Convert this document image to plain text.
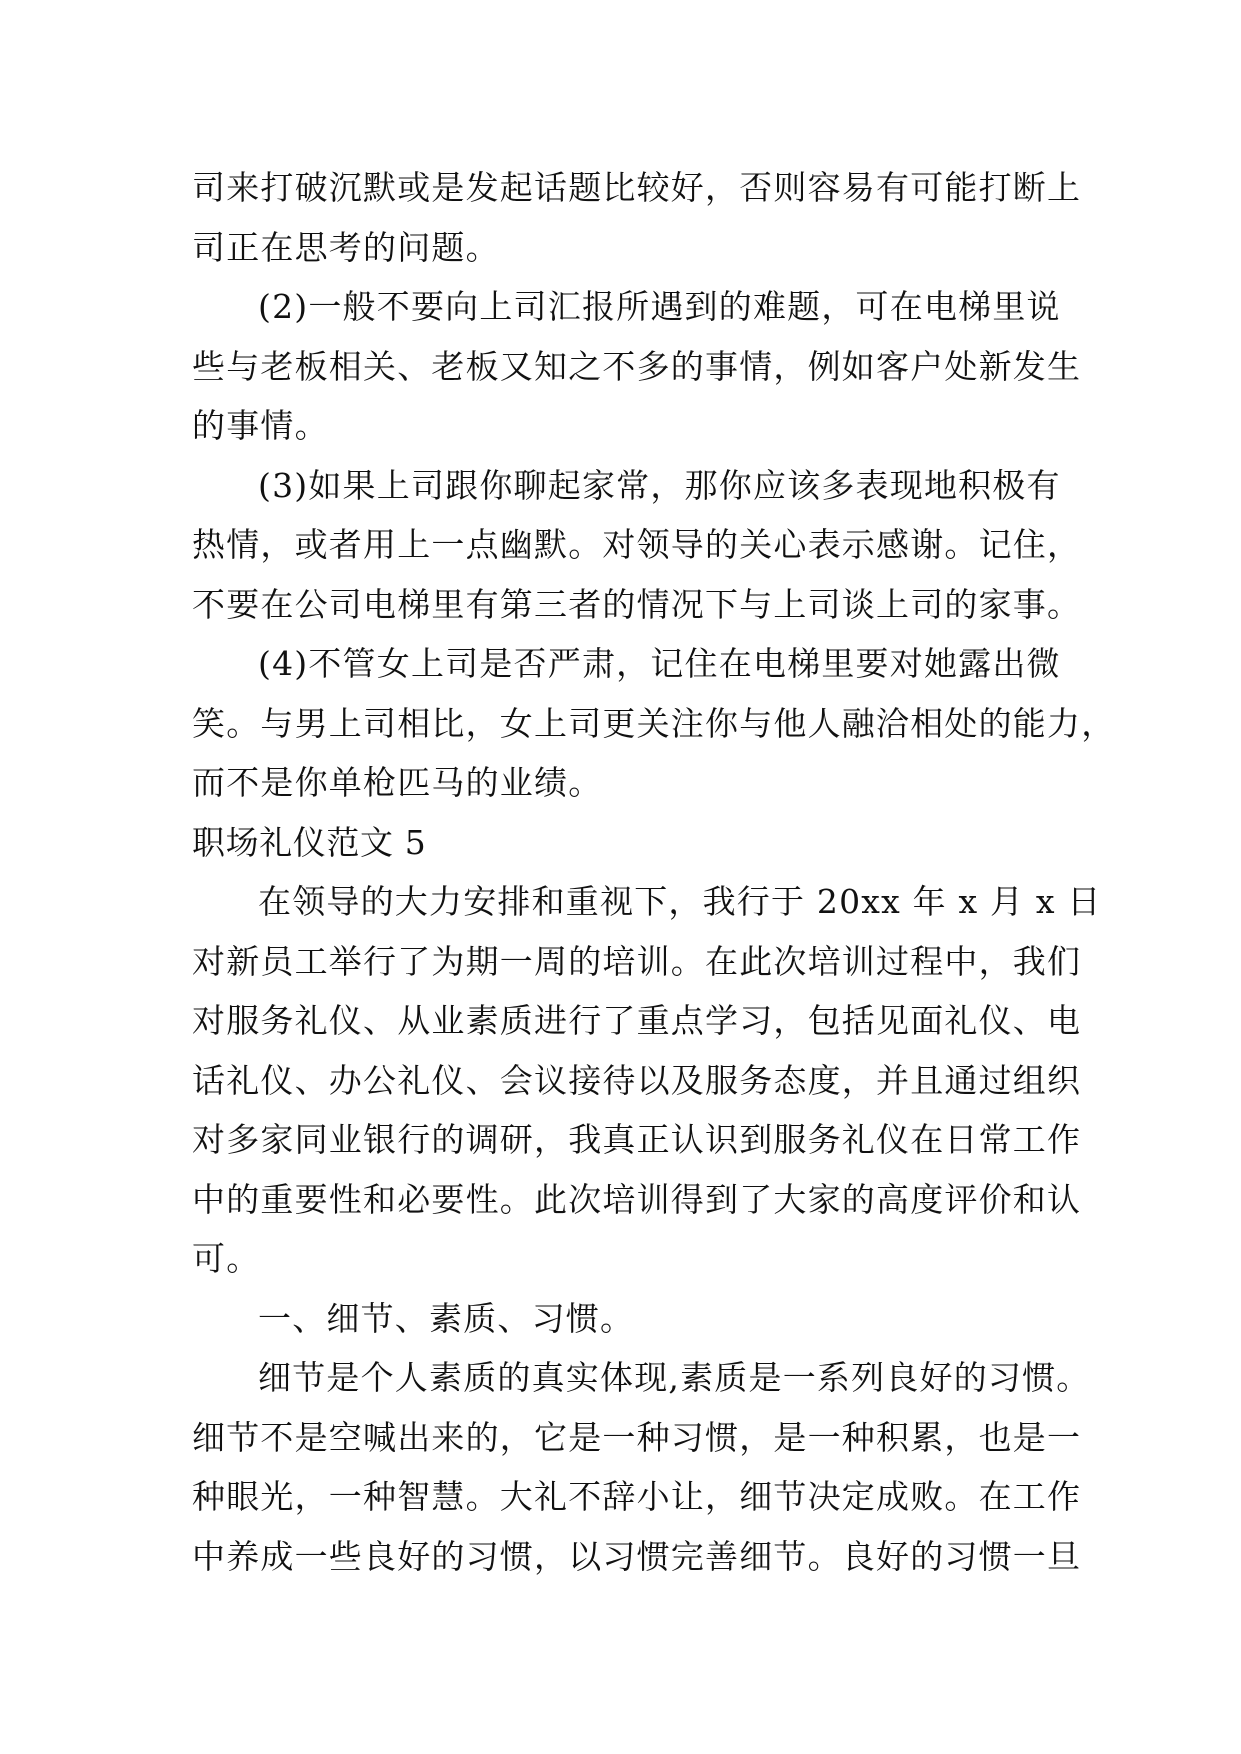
司来打破沉默或是发起话题比较好，否则容易有可能打断上
司正在思考的问题。
(2)一般不要向上司汇报所遇到的难题，可在电梯里说
些与老板相关、老板又知之不多的事情，例如客户处新发生
的事情。
(3)如果上司跟你聊起家常，那你应该多表现地积极有
热情，或者用上一点幽默。对领导的关心表示感谢。记住，
不要在公司电梯里有第三者的情况下与上司谈上司的家事。
(4)不管女上司是否严肃，记住在电梯里要对她露出微
笑。与男上司相比，女上司更关注你与他人融洽相处的能力，
而不是你单枪匹马的业绩。
职场礼仪范文 5
在领导的大力安排和重视下，我行于 20xx 年 x 月 x 日
对新员工举行了为期一周的培训。在此次培训过程中，我们
对服务礼仪、从业素质进行了重点学习，包括见面礼仪、电
话礼仪、办公礼仪、会议接待以及服务态度，并且通过组织
对多家同业银行的调研，我真正认识到服务礼仪在日常工作
中的重要性和必要性。此次培训得到了大家的高度评价和认
可。
一、细节、素质、习惯。
细节是个人素质的真实体现,素质是一系列良好的习惯。
细节不是空喊出来的，它是一种习惯，是一种积累，也是一
种眼光，一种智慧。大礼不辞小让，细节决定成败。在工作
中养成一些良好的习惯，以习惯完善细节。良好的习惯一旦
